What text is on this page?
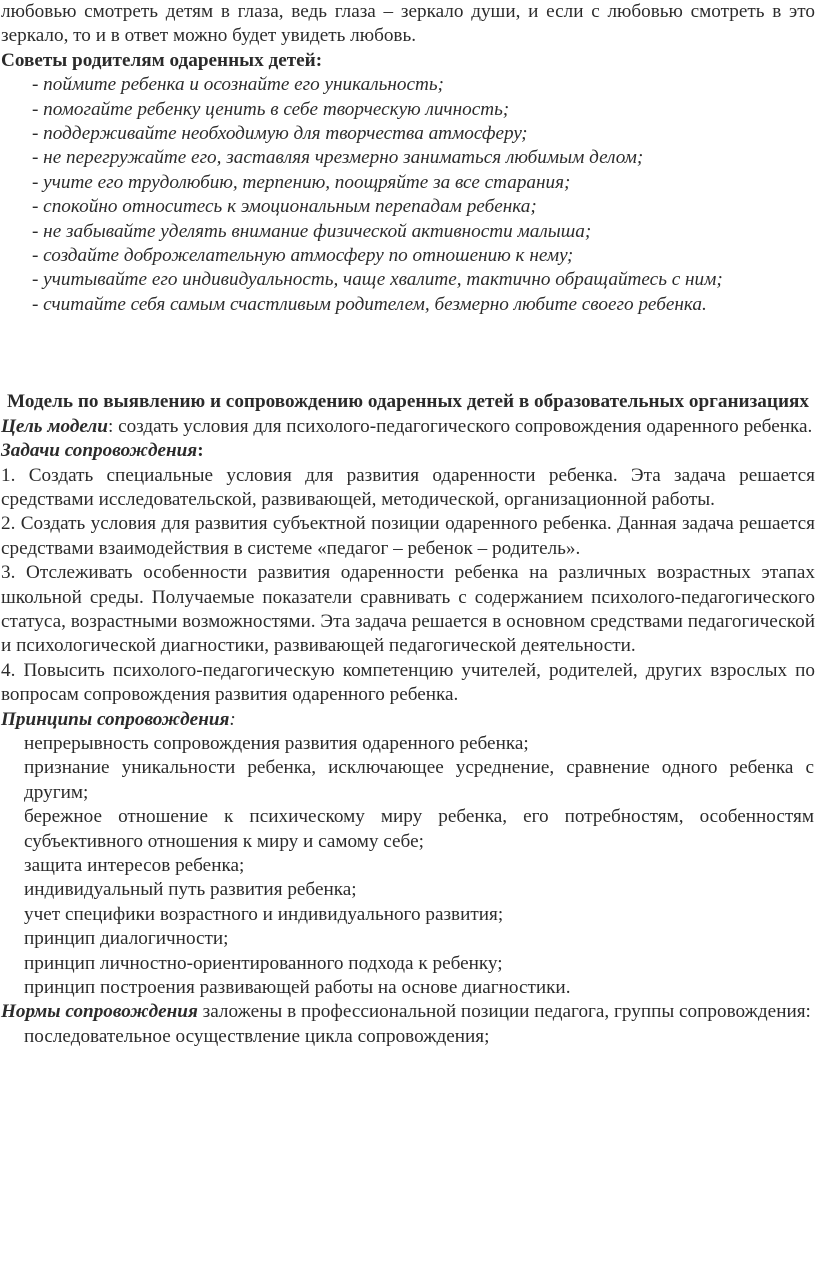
любовью смотреть детям в глаза, ведь глаза – зеркало души, и если с любовью смотреть в это зеркало, то и в ответ можно будет увидеть любовь.

Советы родителям одаренных детей:

- поймите ребенка и осознайте его уникальность;
- помогайте ребенку ценить в себе творческую личность;
- поддерживайте необходимую для творчества атмосферу;
- не перегружайте его, заставляя чрезмерно заниматься любимым делом;
- учите его трудолюбию, терпению, поощряйте за все старания;
- спокойно относитесь к эмоциональным перепадам ребенка;
- не забывайте уделять внимание физической активности малыша;
- создайте доброжелательную атмосферу по отношению к нему;
- учитывайте его индивидуальность, чаще хвалите, тактично обращайтесь с ним;
- считайте себя самым счастливым родителем, безмерно любите своего ребенка.

Модель по выявлению и сопровождению одаренных детей в образовательных организациях

Цель модели: создать условия для психолого-педагогического сопровождения одаренного ребенка.

Задачи сопровождения:

1. Создать специальные условия для развития одаренности ребенка. Эта задача решается средствами исследовательской, развивающей, методической, организационной работы.

2. Создать условия для развития субъектной позиции одаренного ребенка. Данная задача решается средствами взаимодействия в системе «педагог – ребенок – родитель».

3. Отслеживать особенности развития одаренности ребенка на различных возрастных этапах школьной среды. Получаемые показатели сравнивать с содержанием психолого-педагогического статуса, возрастными возможностями. Эта задача решается в основном средствами педагогической и психологической диагностики, развивающей педагогической деятельности.

4. Повысить психолого-педагогическую компетенцию учителей, родителей, других взрослых по вопросам сопровождения развития одаренного ребенка.

Принципы сопровождения:

непрерывность сопровождения развития одаренного ребенка;
признание уникальности ребенка, исключающее усреднение, сравнение одного ребенка с другим;
бережное отношение к психическому миру ребенка, его потребностям, особенностям субъективного отношения к миру и самому себе;
защита интересов ребенка;
индивидуальный путь развития ребенка;
учет специфики возрастного и индивидуального развития;
принцип диалогичности;
принцип личностно-ориентированного подхода к ребенку;
принцип построения развивающей работы на основе диагностики.

Нормы сопровождения заложены в профессиональной позиции педагога, группы сопровождения:

последовательное осуществление цикла сопровождения;
